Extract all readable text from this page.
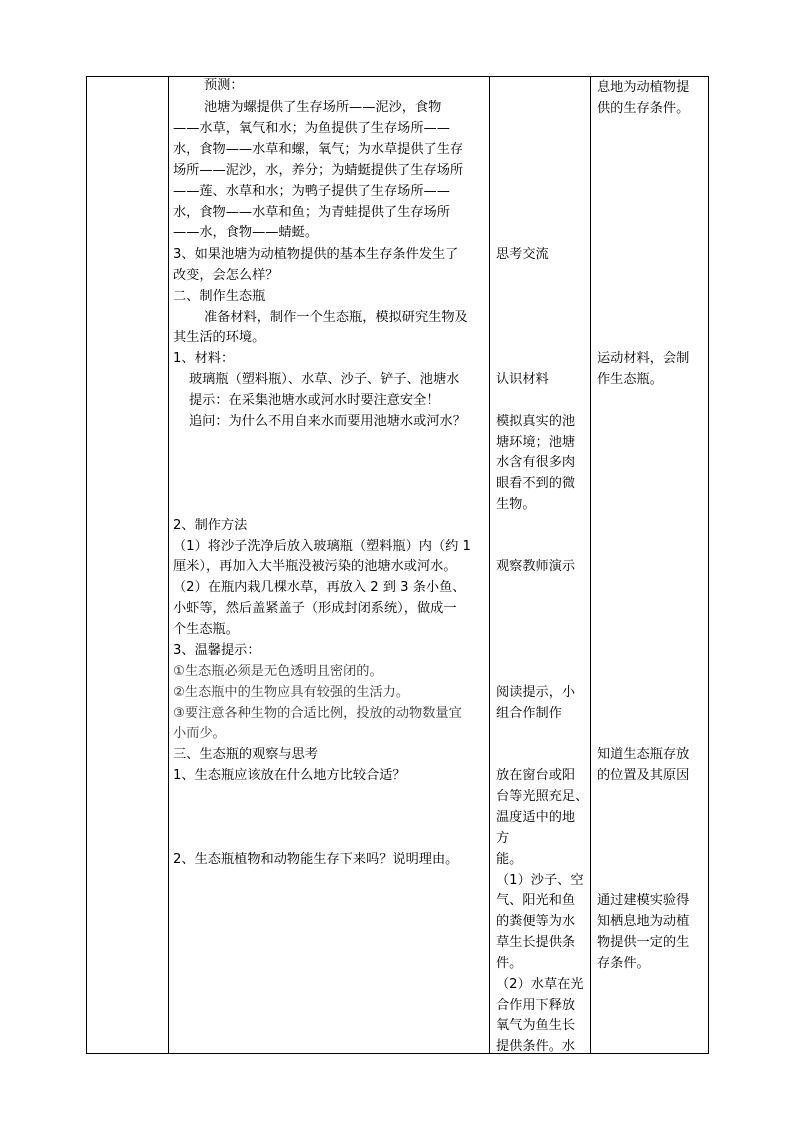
预测：
池塘为螺提供了生存场所——泥沙，食物
——水草，氧气和水；为鱼提供了生存场所——
水，食物——水草和螺，氧气；为水草提供了生存
场所——泥沙，水，养分；为蜻蜓提供了生存场所
——莲、水草和水；为鸭子提供了生存场所——
水，食物——水草和鱼；为青蛙提供了生存场所
——水，食物——蜻蜓。
3、如果池塘为动植物提供的基本生存条件发生了
改变，会怎么样？
二、制作生态瓶
准备材料，制作一个生态瓶，模拟研究生物及
其生活的环境。
1、材料：
玻璃瓶（塑料瓶）、水草、沙子、铲子、池塘水
提示：在采集池塘水或河水时要注意安全！
追问：为什么不用自来水而要用池塘水或河水？
2、制作方法
（1）将沙子洗净后放入玻璃瓶（塑料瓶）内（约 1
厘米），再加入大半瓶没被污染的池塘水或河水。
（2）在瓶内栽几棵水草，再放入 2 到 3 条小鱼、
小虾等，然后盖紧盖子（形成封闭系统），做成一
个生态瓶。
3、温馨提示：
①生态瓶必须是无色透明且密闭的。
②生态瓶中的生物应具有较强的生活力。
③要注意各种生物的合适比例，投放的动物数量宜
小而少。
三、生态瓶的观察与思考
1、生态瓶应该放在什么地方比较合适？
2、生态瓶植物和动物能生存下来吗？说明理由。
思考交流
认识材料
模拟真实的池
塘环境；池塘
水含有很多肉
眼看不到的微
生物。
观察教师演示
阅读提示，小
组合作制作
放在窗台或阳
台等光照充足、
温度适中的地
方
能。
（1）沙子、空
气、阳光和鱼
的粪便等为水
草生长提供条
件。
（2）水草在光
合作用下释放
氧气为鱼生长
提供条件。水
息地为动植物提
供的生存条件。
运动材料，会制
作生态瓶。
知道生态瓶存放
的位置及其原因
通过建模实验得
知栖息地为动植
物提供一定的生
存条件。
